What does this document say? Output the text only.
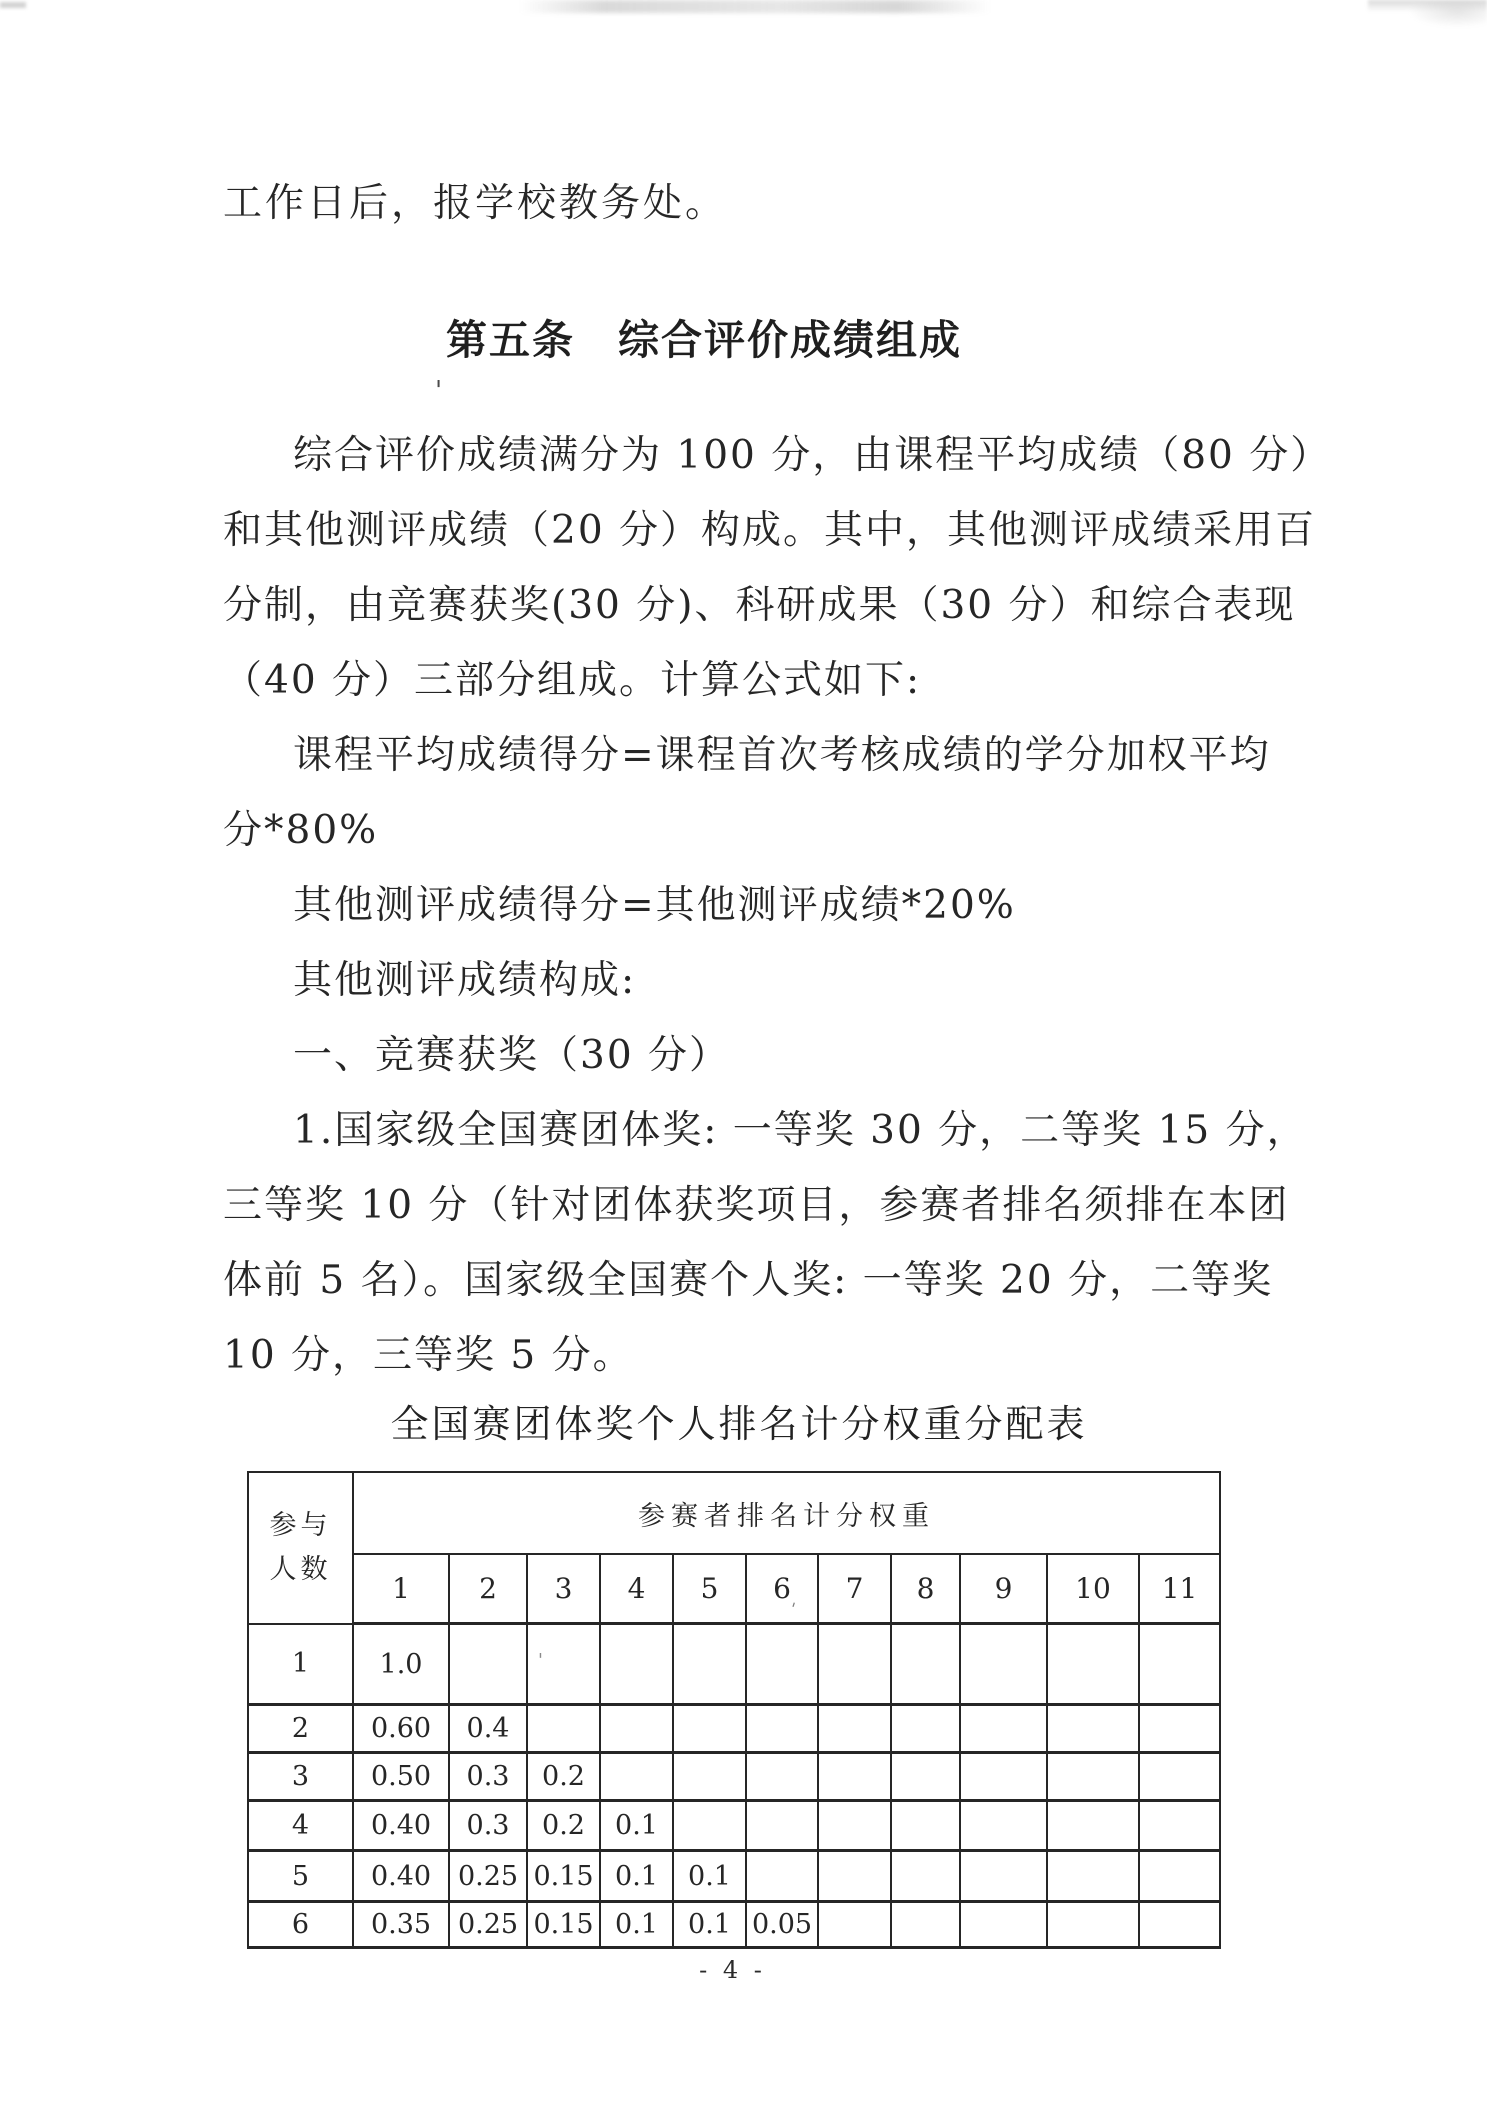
'
'
'

工作日后，报学校教务处。

第五条　综合评价成绩组成

综合评价成绩满分为 100 分，由课程平均成绩（80 分）

和其他测评成绩（20 分）构成。其中，其他测评成绩采用百

分制，由竞赛获奖(30 分)、科研成果（30 分）和综合表现

（40 分）三部分组成。计算公式如下:

课程平均成绩得分=课程首次考核成绩的学分加权平均

分*80%

其他测评成绩得分=其他测评成绩*20%

其他测评成绩构成:

一、竞赛获奖（30 分）

1.国家级全国赛团体奖: 一等奖 30 分，二等奖 15 分，

三等奖 10 分（针对团体获奖项目，参赛者排名须排在本团

体前 5 名）。国家级全国赛个人奖: 一等奖 20 分，二等奖

10 分，三等奖 5 分。

全国赛团体奖个人排名计分权重分配表

参与
人数	参赛者排名计分权重										
	1	2	3	4	5	6	7	8	9	10	11
1	1.0										
2	0.60	0.4									
3	0.50	0.3	0.2								
4	0.40	0.3	0.2	0.1							
5	0.40	0.25	0.15	0.1	0.1						
6	0.35	0.25	0.15	0.1	0.1	0.05					
- 4 -
